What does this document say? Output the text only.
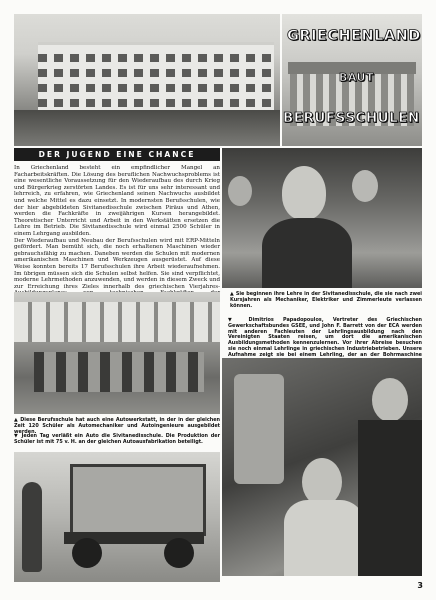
GRIECHENLAND
BAUT
BERUFSSCHULEN
DER JUGEND EINE CHANCE

In Griechenland besteht ein empfindlicher Mangel an Facharbeitskräften. Die Lösung des beruflichen Nachwuchsproblems ist eine wesentliche Voraussetzung für den Wiederaufbau des durch Krieg und Bürgerkrieg zerstörten Landes. Es ist für uns sehr interessant und lehrreich, zu erfahren, wie Griechenland seinen Nachwuchs ausbildet und welche Mittel es dazu einsetzt. In modernsten Berufsschulen, wie der hier abgebildeten Sivitanedisschule zwischen Piräus und Athen, werden die Fachkräfte in zweijährigen Kursen herangebildet. Theoretischer Unterricht und Arbeit in den Werkstätten ersetzen die Lehre im Betrieb. Die Sivitanedisschule wird einmal 2500 Schüler in einem Lehrgang ausbilden.

Der Wiederaufbau und Neubau der Berufsschulen wird mit ERP-Mitteln gefördert. Man bemüht sich, die noch erhaltenen Maschinen wieder gebrauchsfähig zu machen. Daneben werden die Schulen mit modernen amerikanischen Maschinen und Werkzeugen ausgerüstet. Auf diese Weise konnten bereits 17 Berufsschulen ihre Arbeit wiederaufnehmen. Im übrigen müssen sich die Schulen selbst helfen. Sie sind verpflichtet, moderne Lehrmethoden anzuwenden, und werden in diesem Zweck und zur Erreichung ihres Zieles innerhalb des griechischen Vierjahres-

▲ Sie beginnen ihre Lehre in der Sivitanedisschule, die sie nach zwei Kursjahren als Mechaniker, Elektriker und Zimmerleute verlassen können.
▲ Diese Berufsschule hat auch eine Autowerkstatt, in der in der gleichen Zeit 120 Schüler als Automechaniker und Autoingenieure ausgebildet werden.
▼ Jeden Tag verläßt ein Auto die Sivitanedisschule. Die Produktion der Schüler ist mit 75 v. H. an der gleichen Autoausfabrikation beteiligt.
▼ Dimitrios Papadopoulos, Vertreter des Griechischen Gewerkschaftsbundes GSEE, und John F. Barrett von der ECA werden mit anderen Fachleuten der Lehrlingsausbildung nach den Vereinigten Staaten reisen, um dort die amerikanischen Ausbildungsmethoden kennenzulernen. Vor ihrer Abreise besuchen sie noch einmal Lehrlinge in griechischen Industriebetrieben. Unsere Aufnahme zeigt sie bei einem Lehrling, der an der Bohrmaschine
3
